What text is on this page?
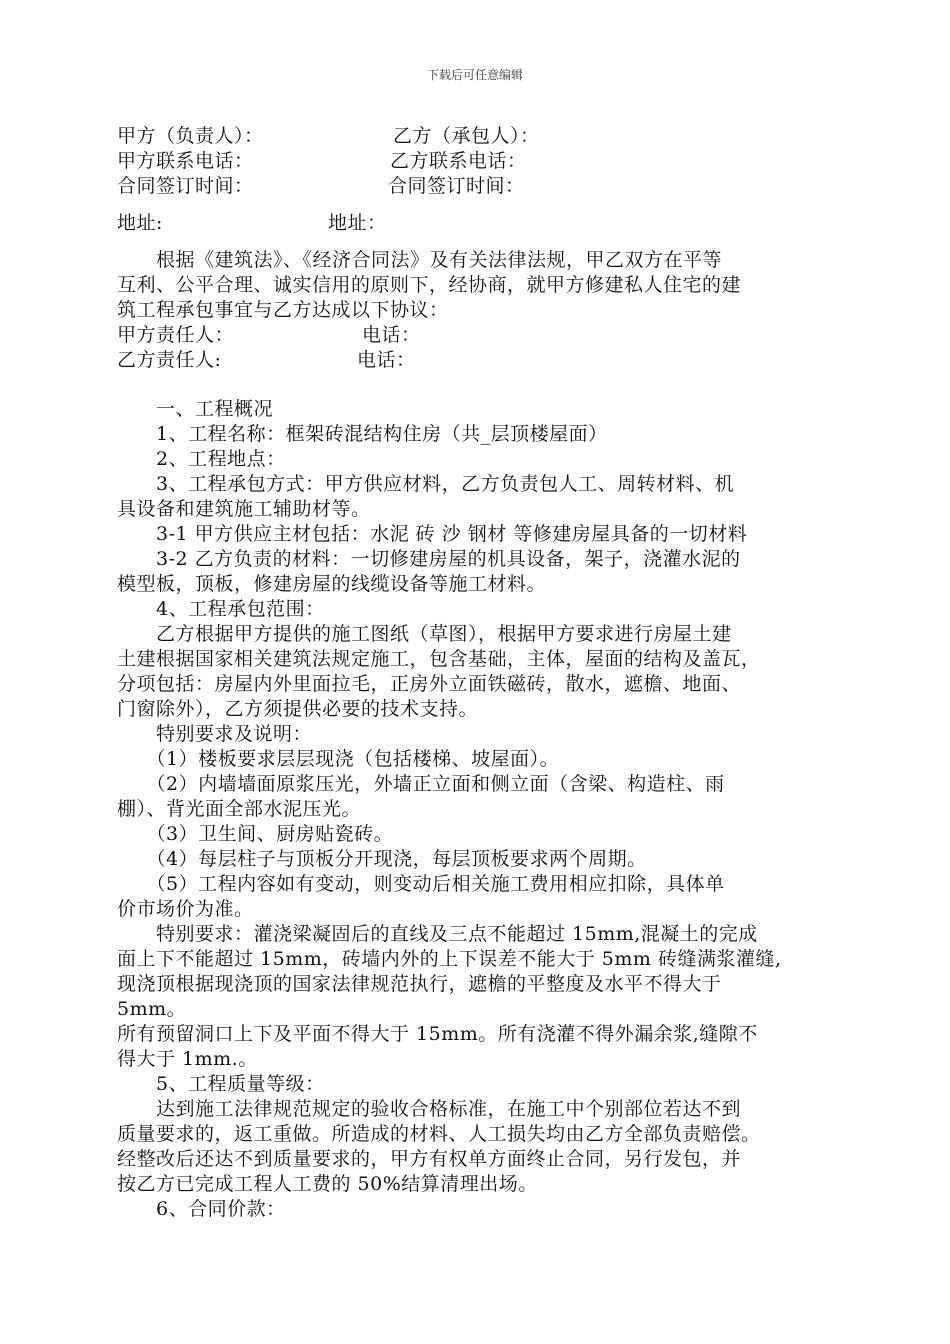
下载后可任意编辑
甲方（负责人）：	乙方（承包人）：
甲方联系电话：	乙方联系电话：
合同签订时间：	合同签订时间：
地址:	地址：
　　根据《建筑法》、《经济合同法》及有关法律法规，甲乙双方在平等
互利、公平合理、诚实信用的原则下，经协商，就甲方修建私人住宅的建
筑工程承包事宜与乙方达成以下协议：
甲方责任人：	电话：
乙方责任人:	电话：
　　一、工程概况
　　1、工程名称：框架砖混结构住房（共_层顶楼屋面）
　　2、工程地点：
　　3、工程承包方式：甲方供应材料，乙方负责包人工、周转材料、机
具设备和建筑施工辅助材等。
　　3-1 甲方供应主材包括：水泥 砖 沙 钢材 等修建房屋具备的一切材料
　　3-2 乙方负责的材料：一切修建房屋的机具设备，架子，浇灌水泥的
模型板，顶板，修建房屋的线缆设备等施工材料。
　　4、工程承包范围：
　　乙方根据甲方提供的施工图纸（草图），根据甲方要求进行房屋土建
土建根据国家相关建筑法规定施工，包含基础，主体，屋面的结构及盖瓦，
分项包括：房屋内外里面拉毛，正房外立面铁磁砖，散水，遮檐、地面、
门窗除外），乙方须提供必要的技术支持。
　　特别要求及说明：
　　（1）楼板要求层层现浇（包括楼梯、坡屋面）。
　　（2）内墙墙面原浆压光，外墙正立面和侧立面（含梁、构造柱、雨
棚）、背光面全部水泥压光。
　　（3）卫生间、厨房贴瓷砖。
　　（4）每层柱子与顶板分开现浇，每层顶板要求两个周期。
　　（5）工程内容如有变动，则变动后相关施工费用相应扣除，具体单
价市场价为准。
　　特别要求：灌浇梁凝固后的直线及三点不能超过 15mm,混凝土的完成
面上下不能超过 15mm，砖墙内外的上下误差不能大于 5mm 砖缝满浆灌缝,
现浇顶根据现浇顶的国家法律规范执行，遮檐的平整度及水平不得大于
5mm。
所有预留洞口上下及平面不得大于 15mm。所有浇灌不得外漏余浆,缝隙不
得大于 1mm.。
　　5、工程质量等级：
　　达到施工法律规范规定的验收合格标准，在施工中个别部位若达不到
质量要求的，返工重做。所造成的材料、人工损失均由乙方全部负责赔偿。
经整改后还达不到质量要求的，甲方有权单方面终止合同，另行发包，并
按乙方已完成工程人工费的 50%结算清理出场。
　　6、合同价款：
